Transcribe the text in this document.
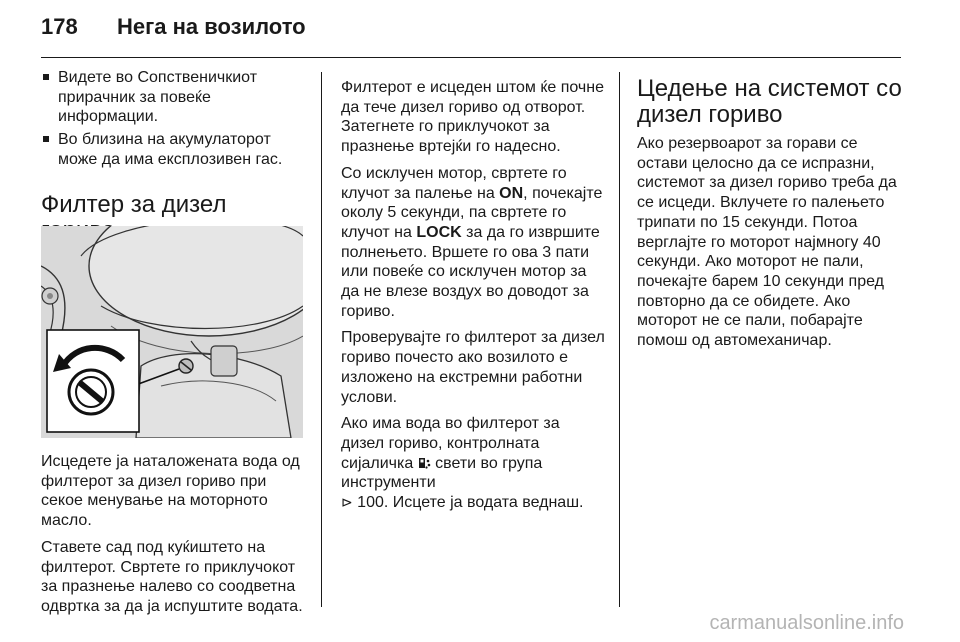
178 Нега на возилото
Видете во Сопственичкиот прирачник за повеќе информации.
Во близина на акумулаторот може да има експлозивен гас.
Филтер за дизел

Исцедете ја наталожената вода од филтерот за дизел гориво при секое менување на моторното масло.

Ставете сад под куќиштето на филтерот. Свртете го приклучокот за празнење налево со соодветна одвртка за да ја испуштите водата.

Филтерот е исцеден штом ќе почне да тече дизел гориво од отворот. Затегнете го приклучокот за празнење вртејќи го надесно.

Со исклучен мотор, свртете го клучот за палење на ON, почекајте околу 5 секунди, па свртете го клучот на LOCK за да го извршите полнењето. Вршете го ова 3 пати или повеќе со исклучен мотор за да не влезе воздух во доводот за гориво.

Проверувајте го филтерот за дизел гориво почесто ако возилото е изложено на екстремни работни услови.

Ако има вода во филтерот за дизел гориво, контролната сијаличка  свети во група инструменти
⊳ 100. Исцете ја водата веднаш.

Цедење на системот со дизел гориво

Ако резервоарот за горави се остави целосно да се испразни, системот за дизел гориво треба да се исцеди. Вклучете го палењето трипати по 15 секунди. Потоа верглајте го моторот најмногу 40 секунди. Ако моторот не пали, почекајте барем 10 секунди пред повторно да се обидете. Ако моторот не се пали, побарајте помош од автомеханичар.

carmanualsonline.info
